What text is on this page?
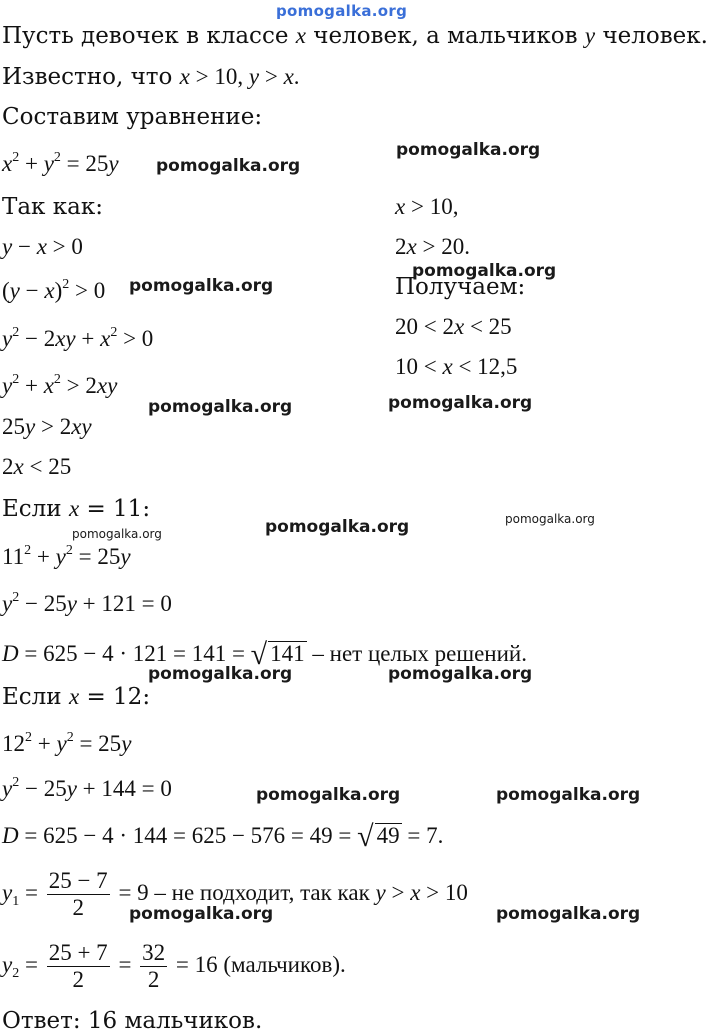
pomogalka.org
Пусть девочек в классе x человек, а мальчиков y человек.
Известно, что x > 10, y > x.
Составим уравнение:
$x^2 + y^2 = 25y$
Так как:	x > 10,
y − x > 0	2x > 20.
$(y - x)^2 > 0$	Получаем:
$y^2 - 2xy + x^2 > 0$	20 < 2x < 25
10 < x < 12,5
$y^2 + x^2 > 2xy$
25y > 2xy
2x < 25
Если x = 11:
$11^2 + y^2 = 25y$
$y^2 - 25y + 121 = 0$
D = 625 − 4 · 121 = 141 = √ 141 – нет целых решений.
Если x = 12:
$12^2 + y^2 = 25y$
$y^2 - 25y + 144 = 0$
D = 625 − 4 · 144 = 625 − 576 = 49 = √ 49 = 7.
$y_1 = \frac{25 - 7}{2} = 9$ – не подходит, так как y > x > 10
$y_2 = \frac{25 + 7}{2} = \frac{32}{2} = 16$ (мальчиков).
Ответ: 16 мальчиков.
pomogalka.org
pomogalka.org
pomogalka.org
pomogalka.org
pomogalka.org
pomogalka.org
pomogalka.org	pomogalka.org
pomogalka.org
pomogalka.org	pomogalka.org
pomogalka.org	pomogalka.org
pomogalka.org	pomogalka.org
